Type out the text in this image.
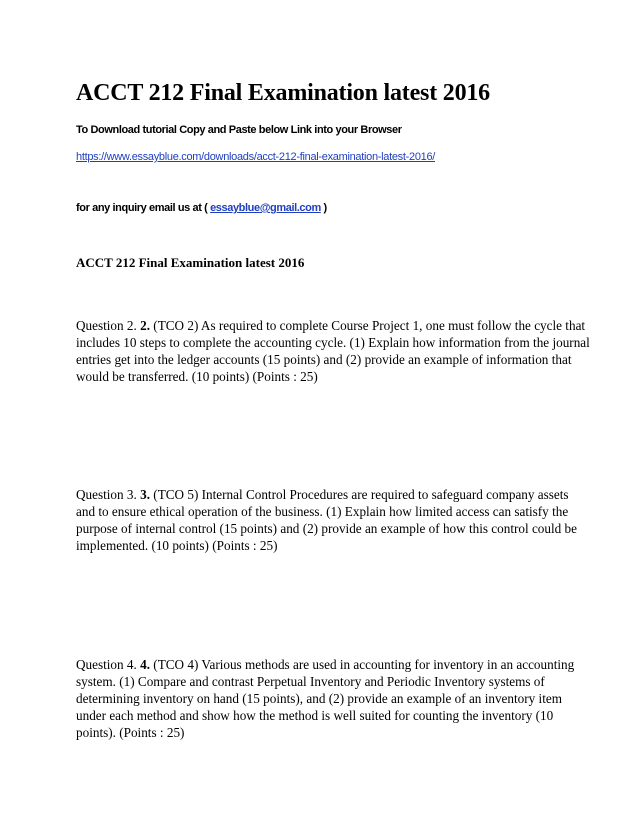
ACCT 212 Final Examination latest 2016
To Download tutorial Copy and Paste below Link into your Browser
https://www.essayblue.com/downloads/acct-212-final-examination-latest-2016/
for any inquiry email us at ( essayblue@gmail.com )
ACCT 212 Final Examination latest 2016
Question 2. 2. (TCO 2) As required to complete Course Project 1, one must follow the cycle that
includes 10 steps to complete the accounting cycle. (1) Explain how information from the journal
entries get into the ledger accounts (15 points) and (2) provide an example of information that
would be transferred. (10 points) (Points : 25)
Question 3. 3. (TCO 5) Internal Control Procedures are required to safeguard company assets
and to ensure ethical operation of the business. (1) Explain how limited access can satisfy the
purpose of internal control (15 points) and (2) provide an example of how this control could be
implemented. (10 points) (Points : 25)
Question 4. 4. (TCO 4) Various methods are used in accounting for inventory in an accounting
system. (1) Compare and contrast Perpetual Inventory and Periodic Inventory systems of
determining inventory on hand (15 points), and (2) provide an example of an inventory item
under each method and show how the method is well suited for counting the inventory (10
points). (Points : 25)
